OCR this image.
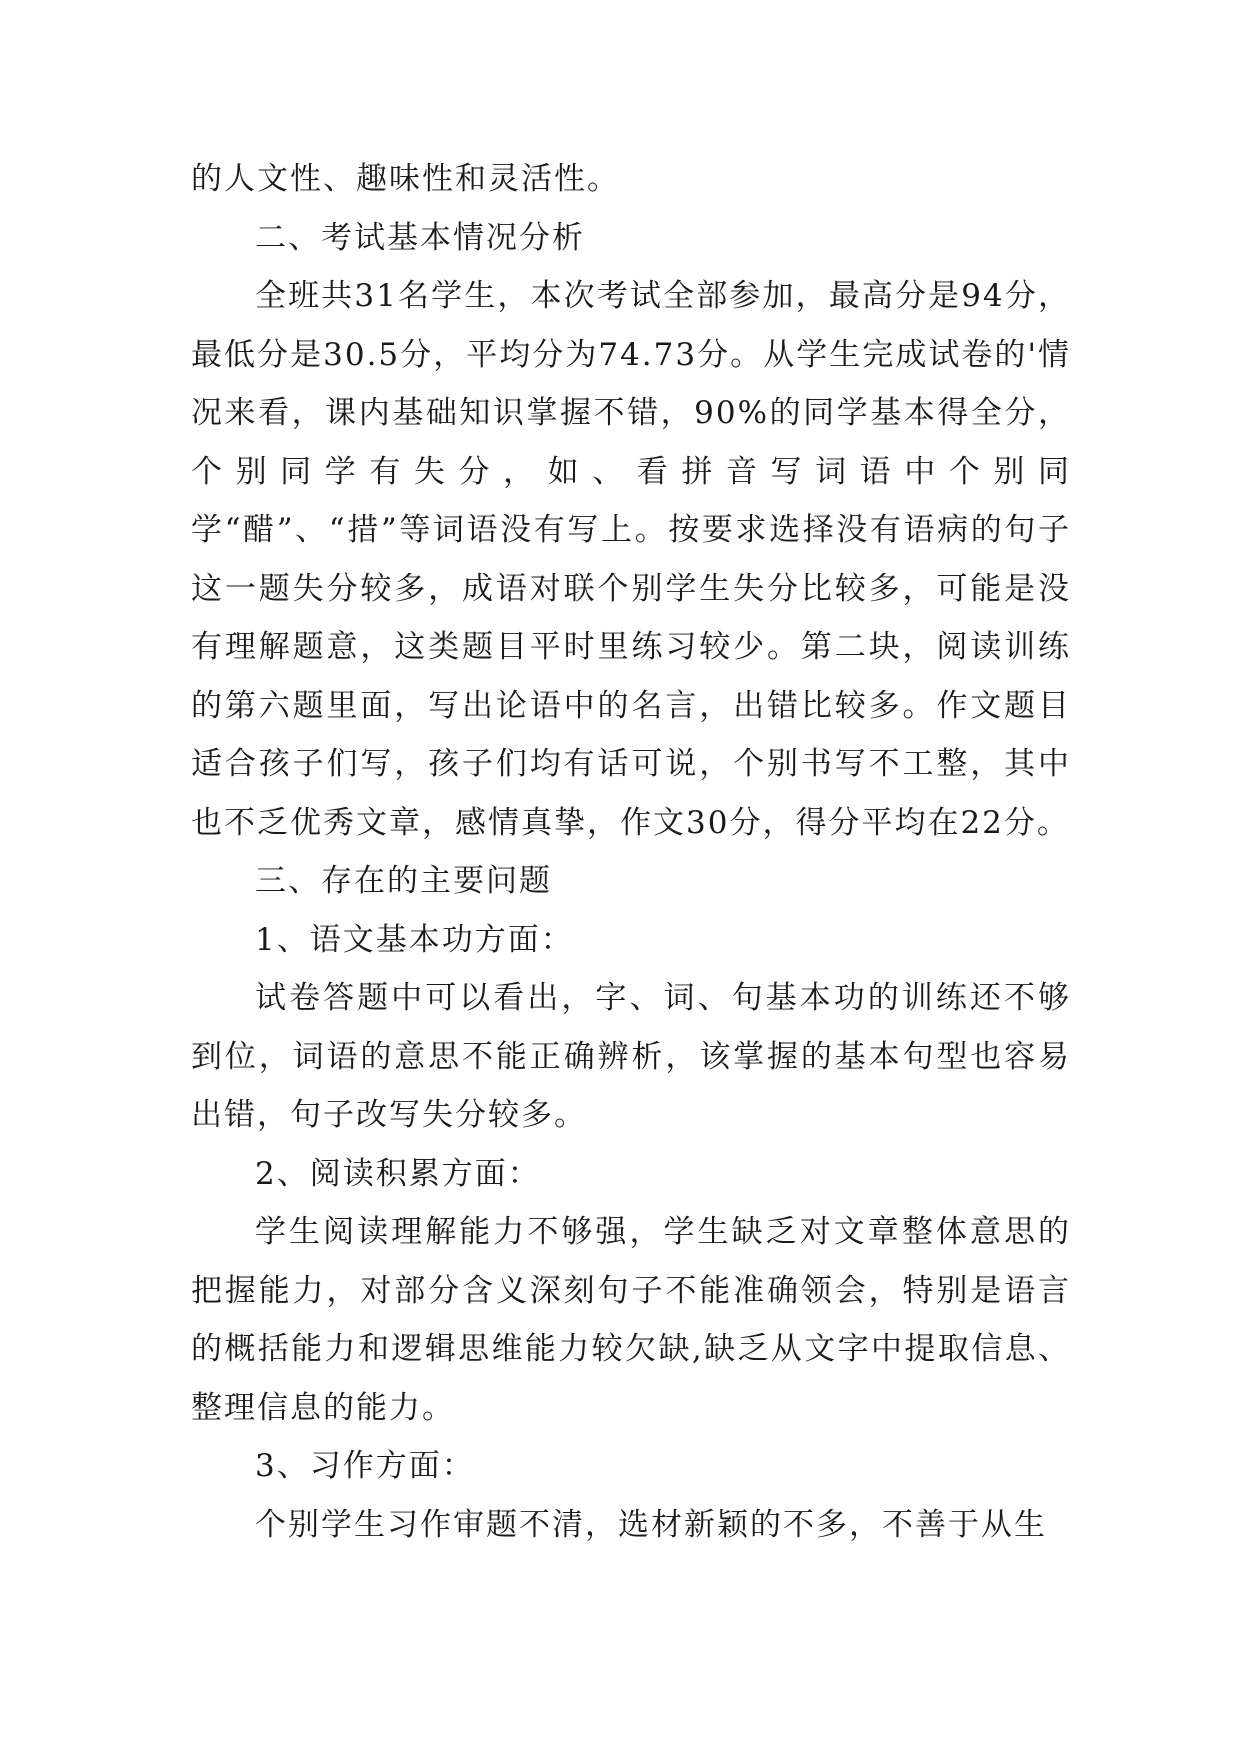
的人文性、趣味性和灵活性。

二、考试基本情况分析

全班共31名学生，本次考试全部参加，最高分是94分，最低分是30.5分，平均分为74.73分。从学生完成试卷的'情况来看，课内基础知识掌握不错，90%的同学基本得全分，个别同学有失分，如、看拼音写词语中个别同学“醋”、“措”等词语没有写上。按要求选择没有语病的句子这一题失分较多，成语对联个别学生失分比较多，可能是没有理解题意，这类题目平时里练习较少。第二块，阅读训练的第六题里面，写出论语中的名言，出错比较多。作文题目适合孩子们写，孩子们均有话可说，个别书写不工整，其中也不乏优秀文章，感情真挚，作文30分，得分平均在22分。

三、存在的主要问题

1、语文基本功方面：

试卷答题中可以看出，字、词、句基本功的训练还不够到位，词语的意思不能正确辨析，该掌握的基本句型也容易出错，句子改写失分较多。

2、阅读积累方面：

学生阅读理解能力不够强，学生缺乏对文章整体意思的把握能力，对部分含义深刻句子不能准确领会，特别是语言的概括能力和逻辑思维能力较欠缺,缺乏从文字中提取信息、整理信息的能力。

3、习作方面：

个别学生习作审题不清，选材新颖的不多，不善于从生
